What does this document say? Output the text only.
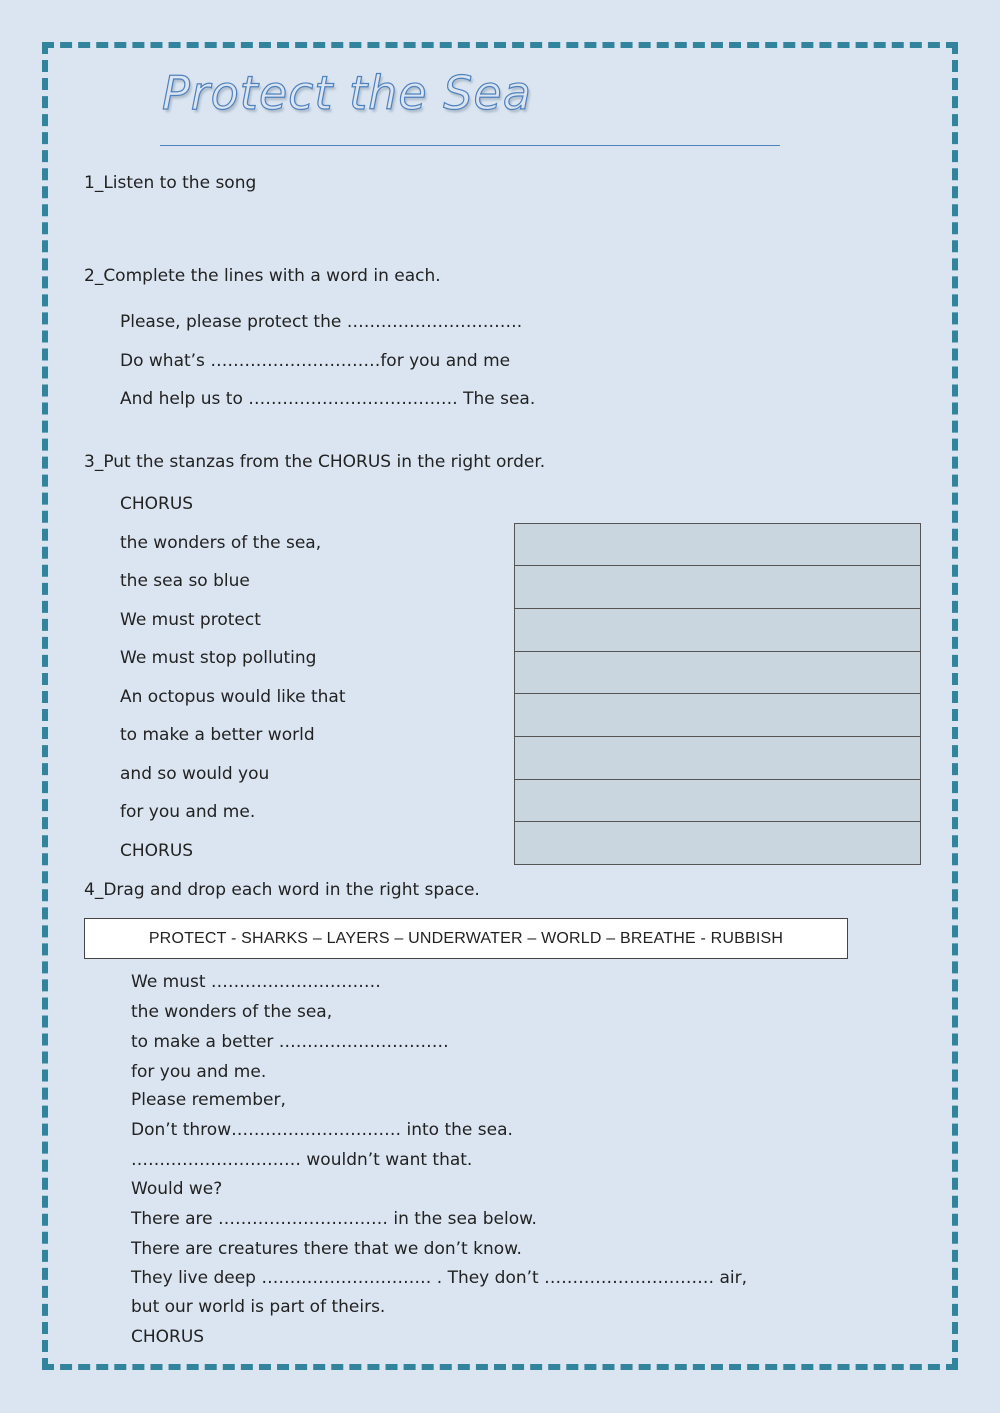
Protect the Sea
1_Listen to the song
2_Complete the lines with a word in each.
Please, please protect the ………………………….
Do what’s …………………………for you and me
And help us to ………………………………. The sea.
3_Put the stanzas from the CHORUS in the right order.
CHORUS
the wonders of the sea,
the sea so blue
We must protect
We must stop polluting
An octopus would like that
to make a better world
and so would you
for you and me.
CHORUS
4_Drag and drop each word in the right space.
PROTECT - SHARKS – LAYERS – UNDERWATER – WORLD – BREATHE - RUBBISH
We must …………………………
the wonders of the sea,
to make a better …………………………
for you and me.
Please remember,
Don’t throw………………………… into the sea.
………………………… wouldn’t want that.
Would we?
There are ………………………… in the sea below.
There are creatures there that we don’t know.
They live deep ………………………… . They don’t ………………………… air,
but our world is part of theirs.
CHORUS
